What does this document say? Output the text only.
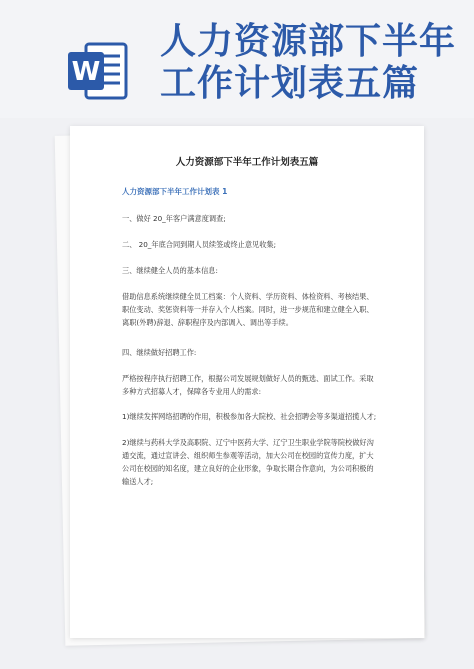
W
人力资源部下半年
工作计划表五篇
人力资源部下半年工作计划表五篇
人力资源部下半年工作计划表 1
一、做好 20_年客户满意度调查;
二、 20_年底合同到期人员续签或终止意见收集;
三、继续健全人员的基本信息:
借助信息系统继续健全员工档案：个人资料、学历资料、体检资料、考核结果、职位变动、奖惩资料等一并存入个人档案。同时，进一步规范和建立健全入职、离职(外聘)辞退、辞职程序及内部调入、调出等手续。
四、继续做好招聘工作:
严格按程序执行招聘工作，根据公司发展规划做好人员的甄选、面试工作。采取多种方式招募人才，保障各专业用人的需求:
1)继续发挥网络招聘的作用，积极参加各大院校、社会招聘会等多渠道招揽人才;
2)继续与药科大学及高职院、辽宁中医药大学、辽宁卫生职业学院等院校做好沟通交流，通过宣讲会、组织师生参观等活动，加大公司在校园的宣传力度，扩大公司在校园的知名度，建立良好的企业形象，争取长期合作意向，为公司积极的输送人才;
